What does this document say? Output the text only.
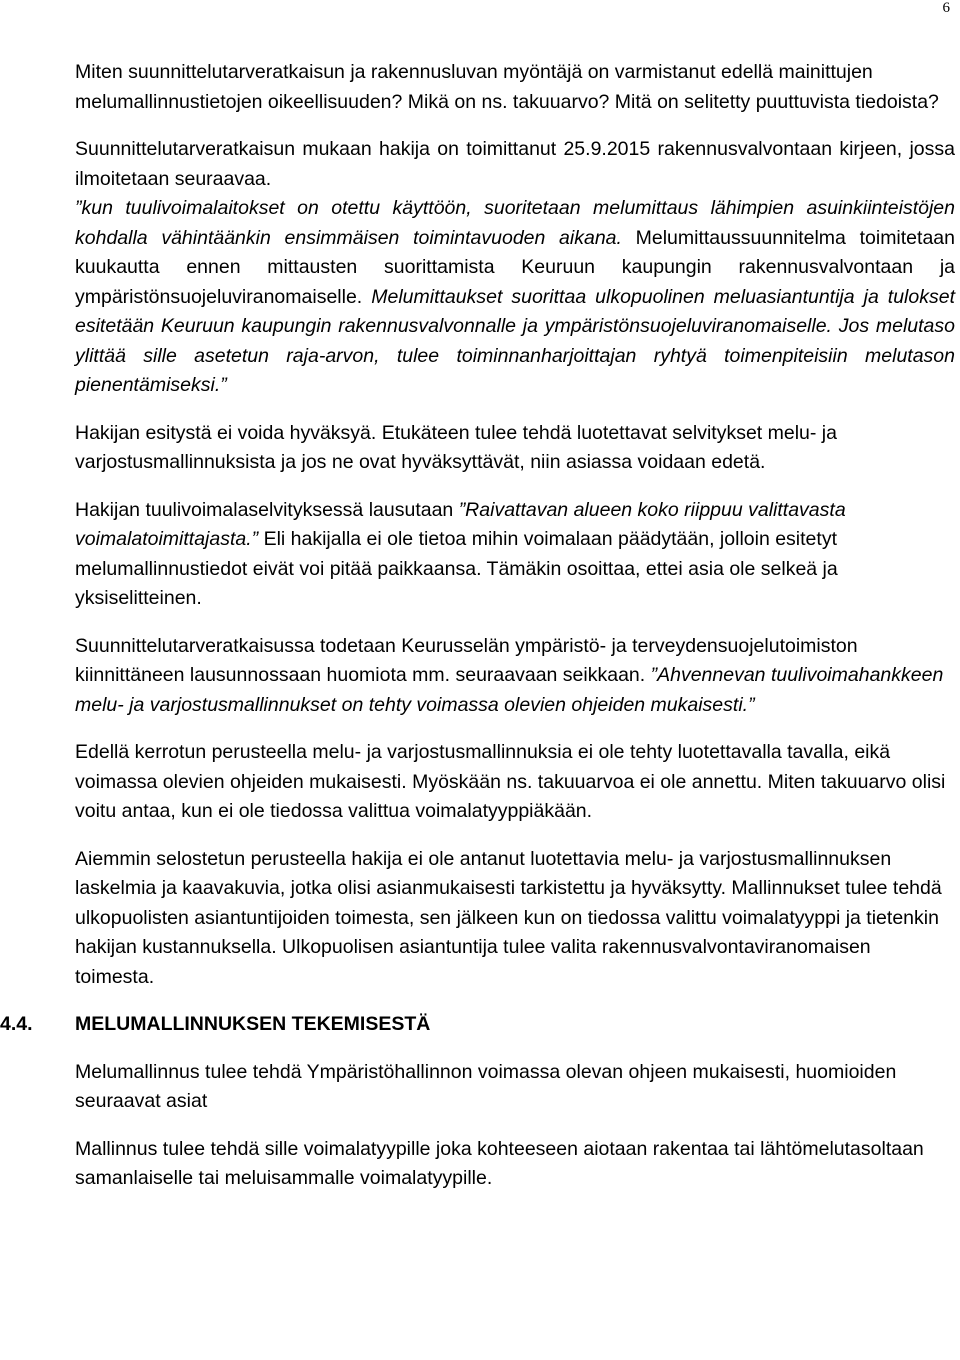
6

Miten suunnittelutarveratkaisun ja rakennusluvan myöntäjä on varmistanut edellä mainittujen melumallinnustietojen oikeellisuuden? Mikä on ns. takuuarvo? Mitä on selitetty puuttuvista tiedoista?

Suunnittelutarveratkaisun mukaan hakija on toimittanut 25.9.2015 rakennusvalvontaan kirjeen, jossa ilmoitetaan seuraavaa.
”kun tuulivoimalaitokset on otettu käyttöön, suoritetaan melumittaus lähimpien asuinkiinteistöjen kohdalla vähintäänkin ensimmäisen toimintavuoden aikana. Melumittaussuunnitelma toimitetaan kuukautta ennen mittausten suorittamista Keuruun kaupungin rakennusvalvontaan ja ympäristönsuojeluviranomaiselle. Melumittaukset suorittaa ulkopuolinen meluasiantuntija ja tulokset esitetään Keuruun kaupungin rakennusvalvonnalle ja ympäristönsuojeluviranomaiselle. Jos melutaso ylittää sille asetetun raja-arvon, tulee toiminnanharjoittajan ryhtyä toimenpiteisiin melutason pienentämiseksi.”

Hakijan esitystä ei voida hyväksyä. Etukäteen tulee tehdä luotettavat selvitykset melu- ja varjostusmallinnuksista ja jos ne ovat hyväksyttävät, niin asiassa voidaan edetä.

Hakijan tuulivoimalaselvityksessä lausutaan ”Raivattavan alueen koko riippuu valittavasta voimalatoimittajasta.” Eli hakijalla ei ole tietoa mihin voimalaan päädytään, jolloin esitetyt melumallinnustiedot eivät voi pitää paikkaansa. Tämäkin osoittaa, ettei asia ole selkeä ja yksiselitteinen.

Suunnittelutarveratkaisussa todetaan Keurusselän ympäristö- ja terveydensuojelutoimiston kiinnittäneen lausunnossaan huomiota mm. seuraavaan seikkaan. ”Ahvennevan tuulivoimahankkeen melu- ja varjostusmallinnukset on tehty voimassa olevien ohjeiden mukaisesti.”

Edellä kerrotun perusteella melu- ja varjostusmallinnuksia ei ole tehty luotettavalla tavalla, eikä voimassa olevien ohjeiden mukaisesti. Myöskään ns. takuuarvoa ei ole annettu. Miten takuuarvo olisi voitu antaa, kun ei ole tiedossa valittua voimalatyyppiäkään.

Aiemmin selostetun perusteella hakija ei ole antanut luotettavia melu- ja varjostusmallinnuksen laskelmia ja kaavakuvia, jotka olisi asianmukaisesti tarkistettu ja hyväksytty. Mallinnukset tulee tehdä ulkopuolisten asiantuntijoiden toimesta, sen jälkeen kun on tiedossa valittu voimalatyyppi ja tietenkin hakijan kustannuksella. Ulkopuolisen asiantuntija tulee valita rakennusvalvontaviranomaisen toimesta.

4.4. MELUMALLINNUKSEN TEKEMISESTÄ

Melumallinnus tulee tehdä Ympäristöhallinnon voimassa olevan ohjeen mukaisesti, huomioiden seuraavat asiat

Mallinnus tulee tehdä sille voimalatyypille joka kohteeseen aiotaan rakentaa tai lähtömelutasoltaan samanlaiselle tai meluisammalle voimalatyypille.
